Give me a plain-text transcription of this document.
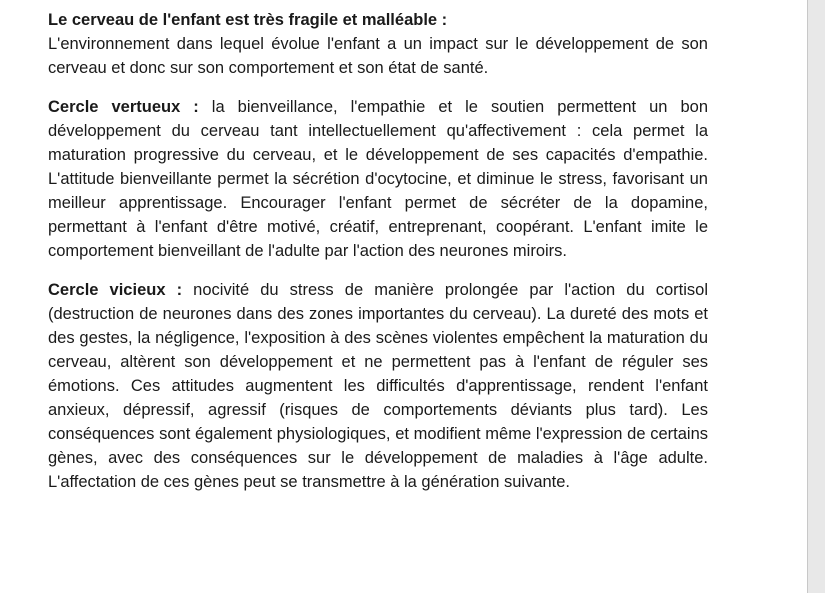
Le cerveau de l'enfant est très fragile et malléable :

L'environnement dans lequel évolue l'enfant a un impact sur le développement de son cerveau et donc sur son comportement et son état de santé.

Cercle vertueux : la bienveillance, l'empathie et le soutien permettent un bon développement du cerveau tant intellectuellement qu'affectivement : cela permet la maturation progressive du cerveau, et le développement de ses capacités d'empathie. L'attitude bienveillante permet la sécrétion d'ocytocine, et diminue le stress, favorisant un meilleur apprentissage. Encourager l'enfant permet de sécréter de la dopamine, permettant à l'enfant d'être motivé, créatif, entreprenant, coopérant. L'enfant imite le comportement bienveillant de l'adulte par l'action des neurones miroirs.

Cercle vicieux : nocivité du stress de manière prolongée par l'action du cortisol (destruction de neurones dans des zones importantes du cerveau). La dureté des mots et des gestes, la négligence, l'exposition à des scènes violentes empêchent la maturation du cerveau, altèrent son développement et ne permettent pas à l'enfant de réguler ses émotions. Ces attitudes augmentent les difficultés d'apprentissage, rendent l'enfant anxieux, dépressif, agressif (risques de comportements déviants plus tard). Les conséquences sont également physiologiques, et modifient même l'expression de certains gènes, avec des conséquences sur le développement de maladies à l'âge adulte. L'affectation de ces gènes peut se transmettre à la génération suivante.
